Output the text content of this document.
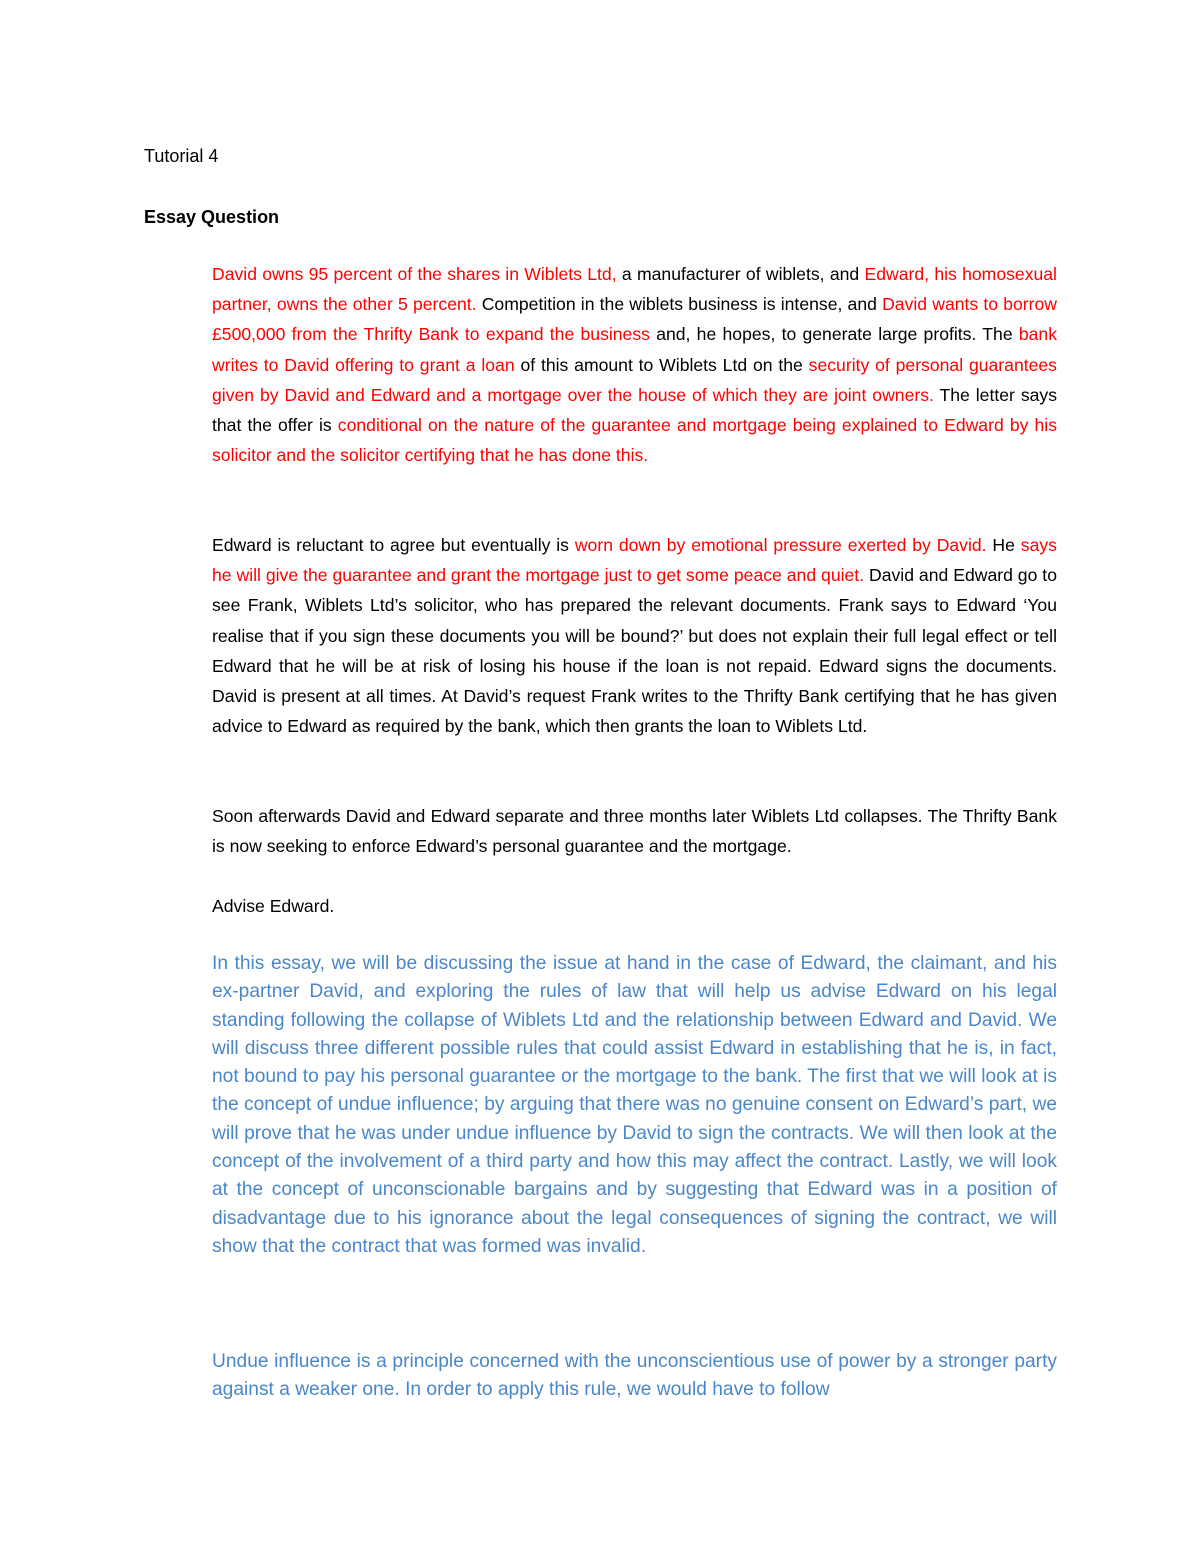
Tutorial 4

Essay Question

David owns 95 percent of the shares in Wiblets Ltd, a manufacturer of wiblets, and Edward, his homosexual partner, owns the other 5 percent. Competition in the wiblets business is intense, and David wants to borrow £500,000 from the Thrifty Bank to expand the business and, he hopes, to generate large profits. The bank writes to David offering to grant a loan of this amount to Wiblets Ltd on the security of personal guarantees given by David and Edward and a mortgage over the house of which they are joint owners. The letter says that the offer is conditional on the nature of the guarantee and mortgage being explained to Edward by his solicitor and the solicitor certifying that he has done this.

Edward is reluctant to agree but eventually is worn down by emotional pressure exerted by David. He says he will give the guarantee and grant the mortgage just to get some peace and quiet. David and Edward go to see Frank, Wiblets Ltd’s solicitor, who has prepared the relevant documents. Frank says to Edward ‘You realise that if you sign these documents you will be bound?’ but does not explain their full legal effect or tell Edward that he will be at risk of losing his house if the loan is not repaid. Edward signs the documents. David is present at all times. At David’s request Frank writes to the Thrifty Bank certifying that he has given advice to Edward as required by the bank, which then grants the loan to Wiblets Ltd.

Soon afterwards David and Edward separate and three months later Wiblets Ltd collapses. The Thrifty Bank is now seeking to enforce Edward’s personal guarantee and the mortgage.

Advise Edward.

In this essay, we will be discussing the issue at hand in the case of Edward, the claimant, and his ex-partner David, and exploring the rules of law that will help us advise Edward on his legal standing following the collapse of Wiblets Ltd and the relationship between Edward and David. We will discuss three different possible rules that could assist Edward in establishing that he is, in fact, not bound to pay his personal guarantee or the mortgage to the bank. The first that we will look at is the concept of undue influence; by arguing that there was no genuine consent on Edward’s part, we will prove that he was under undue influence by David to sign the contracts. We will then look at the concept of the involvement of a third party and how this may affect the contract. Lastly, we will look at the concept of unconscionable bargains and by suggesting that Edward was in a position of disadvantage due to his ignorance about the legal consequences of signing the contract, we will show that the contract that was formed was invalid.

Undue influence is a principle concerned with the unconscientious use of power by a stronger party against a weaker one. In order to apply this rule, we would have to follow
